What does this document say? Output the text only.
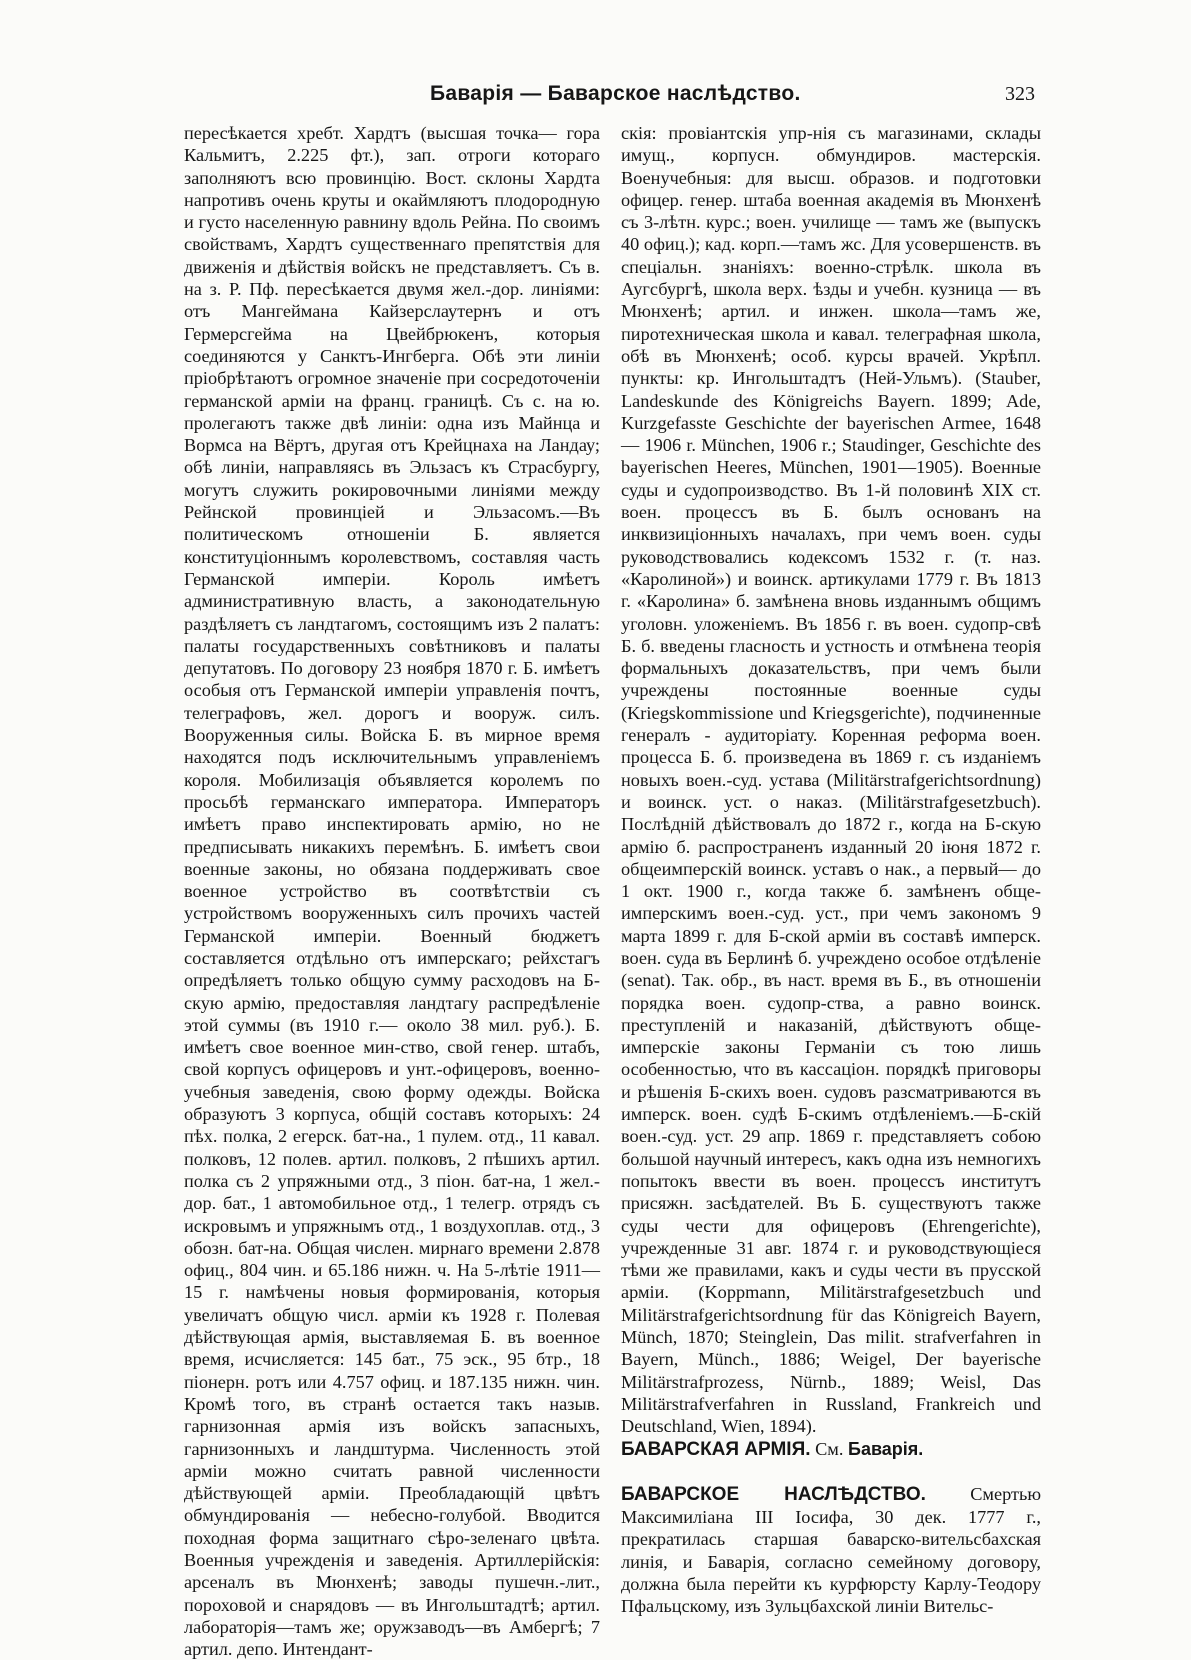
Баварія — Баварское наслѣдство.	323

пересѣкается хребт. Хардтъ (высшая точка— гора Кальмитъ, 2.225 фт.), зап. отроги котораго заполняютъ всю провинцію. Вост. склоны Хардта напротивъ очень круты и окаймляютъ плодородную и густо населенную равнину вдоль Рейна. По своимъ свойствамъ, Хардтъ существеннаго препятствія для движенія и дѣйствія войскъ не представляетъ. Съ в. на з. Р. Пф. пересѣкается двумя жел.-дор. линіями: отъ Мангеймана Кайзерслаутернъ и отъ Гермерсгейма на Цвейбрюкенъ, которыя соединяются у Санктъ-Ингберга. Обѣ эти линіи пріобрѣтаютъ огромное значеніе при сосредоточеніи германской арміи на франц. границѣ. Съ с. на ю. пролегаютъ также двѣ линіи: одна изъ Майнца и Вормса на Вёртъ, другая отъ Крейцнаха на Ландау; обѣ линіи, направляясь въ Эльзасъ къ Страсбургу, могутъ служить рокировочными линіями между Рейнской провинціей и Эльзасомъ.—Въ политическомъ отношеніи Б. является конституціоннымъ королевствомъ, составляя часть Германской имперіи. Король имѣетъ административную власть, а законодательную раздѣляетъ съ ландтагомъ, состоящимъ изъ 2 палатъ: палаты государственныхъ совѣтниковъ и палаты депутатовъ. По договору 23 ноября 1870 г. Б. имѣетъ особыя отъ Германской имперіи управленія почтъ, телеграфовъ, жел. дорогъ и вооруж. силъ. Вооруженныя силы. Войска Б. въ мирное время находятся подъ исключительнымъ управленіемъ короля. Мобилизація объявляется королемъ по просьбѣ германскаго императора. Императоръ имѣетъ право инспектировать армію, но не предписывать никакихъ перемѣнъ. Б. имѣетъ свои военные законы, но обязана поддерживать свое военное устройство въ соотвѣтствіи съ устройствомъ вооруженныхъ силъ прочихъ частей Германской имперіи. Военный бюджетъ составляется отдѣльно отъ имперскаго; рейхстагъ опредѣляетъ только общую сумму расходовъ на Б-скую армію, предоставляя ландтагу распредѣленіе этой суммы (въ 1910 г.— около 38 мил. руб.). Б. имѣетъ свое военное мин-ство, свой генер. штабъ, свой корпусъ офицеровъ и унт.-офицеровъ, военно-учебныя заведенія, свою форму одежды. Войска образуютъ 3 корпуса, общій составъ которыхъ: 24 пѣх. полка, 2 егерск. бат-на., 1 пулем. отд., 11 кавал. полковъ, 12 полев. артил. полковъ, 2 пѣшихъ артил. полка съ 2 упряжными отд., 3 піон. бат-на, 1 жел.-дор. бат., 1 автомобильное отд., 1 телегр. отрядъ съ искровымъ и упряжнымъ отд., 1 воздухоплав. отд., 3 обозн. бат-на. Общая числен. мирнаго времени 2.878 офиц., 804 чин. и 65.186 нижн. ч. На 5-лѣтіе 1911—15 г. намѣчены новыя формированія, которыя увеличатъ общую числ. арміи къ 1928 г. Полевая дѣйствующая армія, выставляемая Б. въ военное время, исчисляется: 145 бат., 75 эск., 95 бтр., 18 піонерн. ротъ или 4.757 офиц. и 187.135 нижн. чин. Кромѣ того, въ странѣ остается такъ назыв. гарнизонная армія изъ войскъ запасныхъ, гарнизонныхъ и ландштурма. Численность этой арміи можно считать равной численности дѣйствующей арміи. Преобладающій цвѣтъ обмундированія — небесно-голубой. Вводится походная форма защитнаго сѣро-зеленаго цвѣта. Военныя учрежденія и заведенія. Артиллерійскія: арсеналъ въ Мюнхенѣ; заводы пушечн.-лит., пороховой и снарядовъ — въ Ингольштадтѣ; артил. лабораторія—тамъ же; оружзаводъ—въ Амбергѣ; 7 артил. депо. Интендант-

скія: провіантскія упр-нія съ магазинами, склады имущ., корпусн. обмундиров. мастерскія. Военучебныя: для высш. образов. и подготовки офицер. генер. штаба военная академія въ Мюнхенѣ съ 3-лѣтн. курс.; воен. училище — тамъ же (выпускъ 40 офиц.); кад. корп.—тамъ жс. Для усовершенств. въ спеціальн. знаніяхъ: военно-стрѣлк. школа въ Аугсбургѣ, школа верх. ѣзды и учебн. кузница — въ Мюнхенѣ; артил. и инжен. школа—тамъ же, пиротехническая школа и кавал. телеграфная школа, обѣ въ Мюнхенѣ; особ. курсы врачей. Укрѣпл. пункты: кр. Ингольштадтъ (Ней-Ульмъ). (Stauber, Landeskunde des Königreichs Bayern. 1899; Ade, Kurzgefasste Geschichte der bayerischen Armee, 1648 — 1906 r. München, 1906 r.; Staudinger, Geschichte des bayerischen Heeres, München, 1901—1905). Военные суды и судопроизводство. Въ 1-й половинѣ XIX ст. воен. процессъ въ Б. былъ основанъ на инквизиціонныхъ началахъ, при чемъ воен. суды руководствовались кодексомъ 1532 г. (т. наз. «Каролиной») и воинск. артикулами 1779 г. Въ 1813 г. «Каролина» б. замѣнена вновь изданнымъ общимъ уголовн. уложеніемъ. Въ 1856 г. въ воен. судопр-свѣ Б. б. введены гласность и устность и отмѣнена теорія формальныхъ доказательствъ, при чемъ были учреждены постоянные военные суды (Kriegskommissione und Kriegsgerichte), подчиненные генералъ - аудиторіату. Коренная реформа воен. процесса Б. б. произведена въ 1869 г. съ изданіемъ новыхъ воен.-суд. устава (Militärstrafgerichtsordnung) и воинск. уст. о наказ. (Militärstrafgesetzbuch). Послѣдній дѣйствовалъ до 1872 г., когда на Б-скую армію б. распространенъ изданный 20 іюня 1872 г. общеимперскій воинск. уставъ о нак., а первый— до 1 окт. 1900 г., когда также б. замѣненъ обще-имперскимъ воен.-суд. уст., при чемъ закономъ 9 марта 1899 г. для Б-ской арміи въ составѣ имперск. воен. суда въ Берлинѣ б. учреждено особое отдѣленіе (senat). Так. обр., въ наст. время въ Б., въ отношеніи порядка воен. судопр-ства, а равно воинск. преступленій и наказаній, дѣйствуютъ обще-имперскіе законы Германіи съ тою лишь особенностью, что въ кассаціон. порядкѣ приговоры и рѣшенія Б-скихъ воен. судовъ разсматриваются въ имперск. воен. судѣ Б-скимъ отдѣленіемъ.—Б-скій воен.-суд. уст. 29 апр. 1869 г. представляетъ собою большой научный интересъ, какъ одна изъ немногихъ попытокъ ввести въ воен. процессъ институтъ присяжн. засѣдателей. Въ Б. существуютъ также суды чести для офицеровъ (Ehrengerichte), учрежденные 31 авг. 1874 г. и руководствующіеся тѣми же правилами, какъ и суды чести въ прусской арміи. (Koppmann, Militärstrafgesetzbuch und Militärstrafgerichtsordnung für das Königreich Bayern, Münch, 1870; Steinglein, Das milit. strafverfahren in Bayern, Münch., 1886; Weigel, Der bayerische Militärstrafprozess, Nürnb., 1889; Weisl, Das Militärstrafverfahren in Russland, Frankreich und Deutschland, Wien, 1894).

БАВАРСКАЯ АРМІЯ. См. Баварія.

БАВАРСКОЕ НАСЛѢДСТВО. Смертью Максимиліана III Іосифа, 30 дек. 1777 г., прекратилась старшая баварско-вительсбахская линія, и Баварія, согласно семейному договору, должна была перейти къ курфюрсту Карлу-Теодору Пфальцскому, изъ Зульцбахской линіи Вительс-
